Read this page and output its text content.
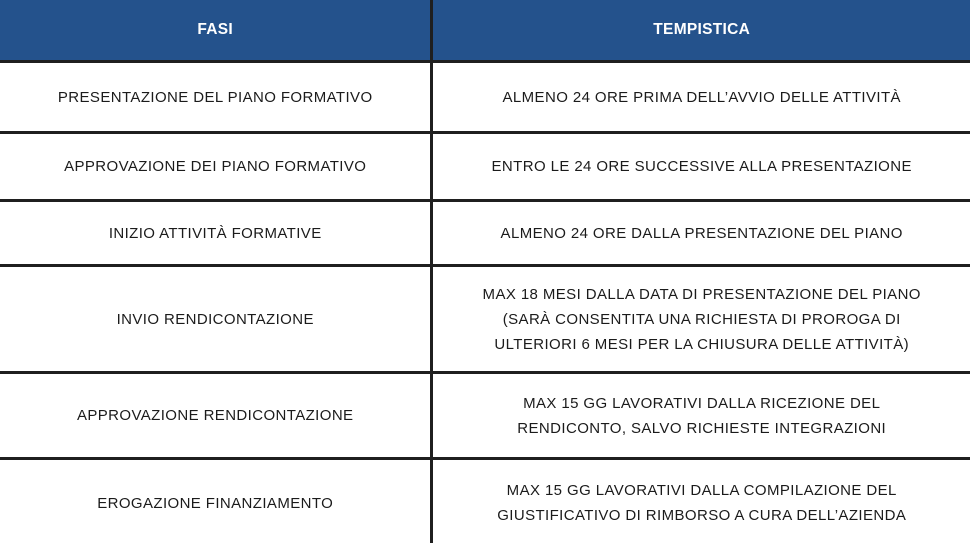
FASI	TEMPISTICA
PRESENTAZIONE DEL PIANO FORMATIVO	ALMENO 24 ORE PRIMA DELL’AVVIO DELLE ATTIVITÀ

APPROVAZIONE DEI PIANO FORMATIVO	ENTRO LE 24 ORE SUCCESSIVE ALLA PRESENTAZIONE

INIZIO ATTIVITÀ FORMATIVE	ALMENO 24 ORE DALLA PRESENTAZIONE DEL PIANO

INVIO RENDICONTAZIONE	MAX 18 MESI DALLA DATA DI PRESENTAZIONE DEL PIANO
(SARÀ CONSENTITA UNA RICHIESTA DI PROROGA DI
ULTERIORI 6 MESI PER LA CHIUSURA DELLE ATTIVITÀ)

APPROVAZIONE RENDICONTAZIONE	MAX 15 GG LAVORATIVI DALLA RICEZIONE DEL
RENDICONTO, SALVO RICHIESTE INTEGRAZIONI

EROGAZIONE FINANZIAMENTO	MAX 15 GG LAVORATIVI DALLA COMPILAZIONE DEL
GIUSTIFICATIVO DI RIMBORSO A CURA DELL’AZIENDA
